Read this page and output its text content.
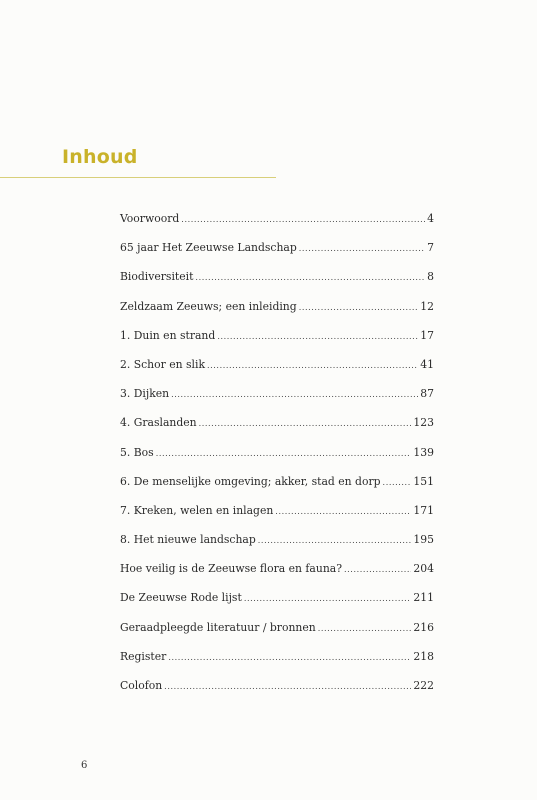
Inhoud
Voorwoord .....	4
65 jaar Het Zeeuwse Landschap .....	7
Biodiversiteit .....	8
Zeldzaam Zeeuws; een inleiding .....	12
1. Duin en strand .....	17
2. Schor en slik .....	41
3. Dijken .....	87
4. Graslanden .....	123
5. Bos .....	139
6. De menselijke omgeving; akker, stad en dorp .....	151
7. Kreken, welen en inlagen .....	171
8. Het nieuwe landschap .....	195
Hoe veilig is de Zeeuwse flora en fauna? .....	204
De Zeeuwse Rode lijst .....	211
Geraadpleegde literatuur / bronnen .....	216
Register .....	218
Colofon .....	222
6
